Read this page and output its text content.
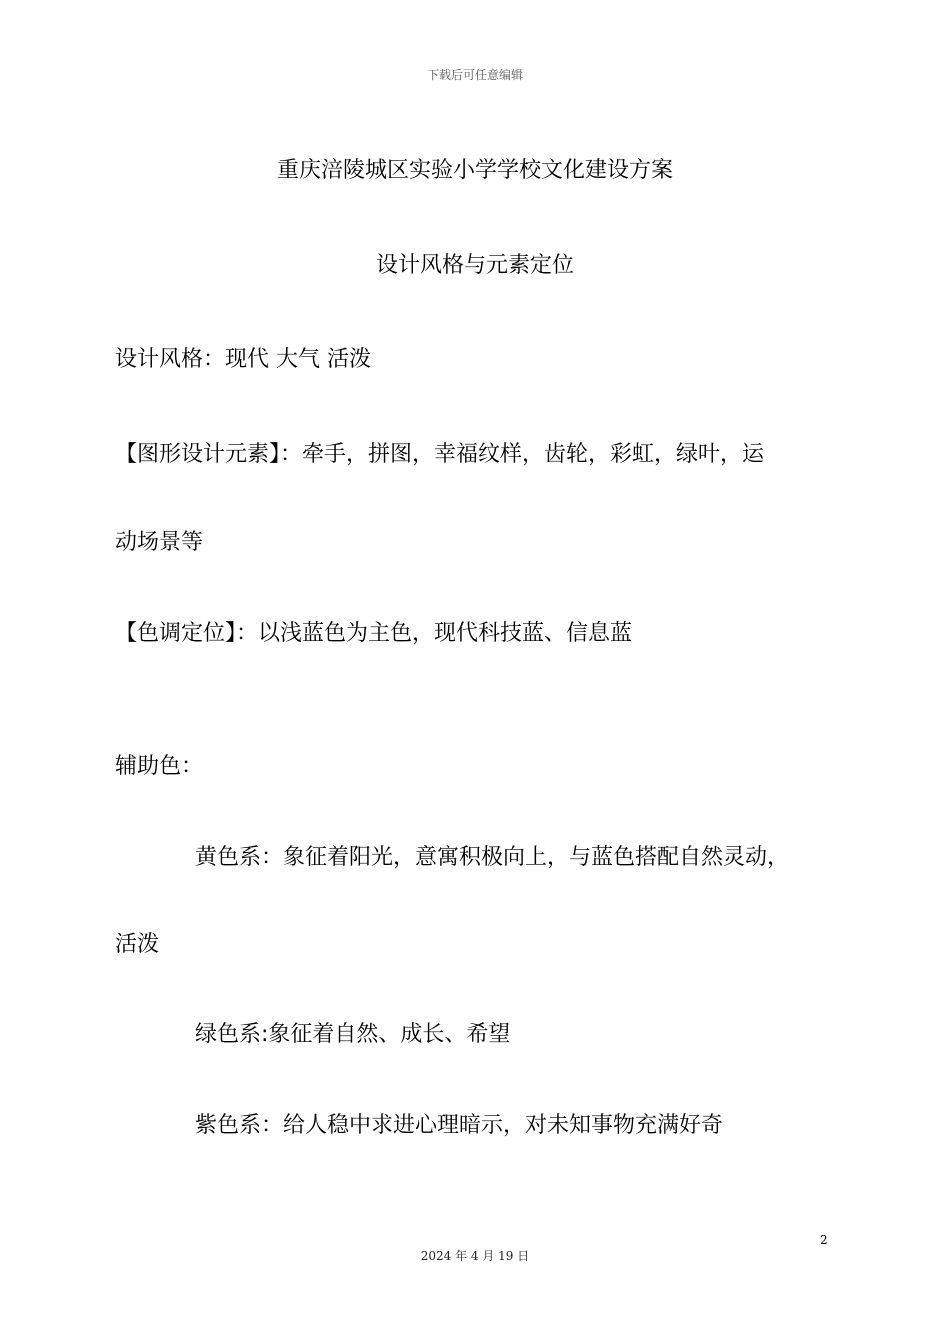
下载后可任意编辑
重庆涪陵城区实验小学学校文化建设方案
设计风格与元素定位
设计风格：现代 大气 活泼
【图形设计元素】：牵手，拼图，幸福纹样，齿轮，彩虹，绿叶，运
动场景等
【色调定位】：以浅蓝色为主色，现代科技蓝、信息蓝
辅助色：
黄色系：象征着阳光，意寓积极向上，与蓝色搭配自然灵动，
活泼
绿色系:象征着自然、成长、希望
紫色系：给人稳中求进心理暗示，对未知事物充满好奇
2
2024 年 4 月 19 日
